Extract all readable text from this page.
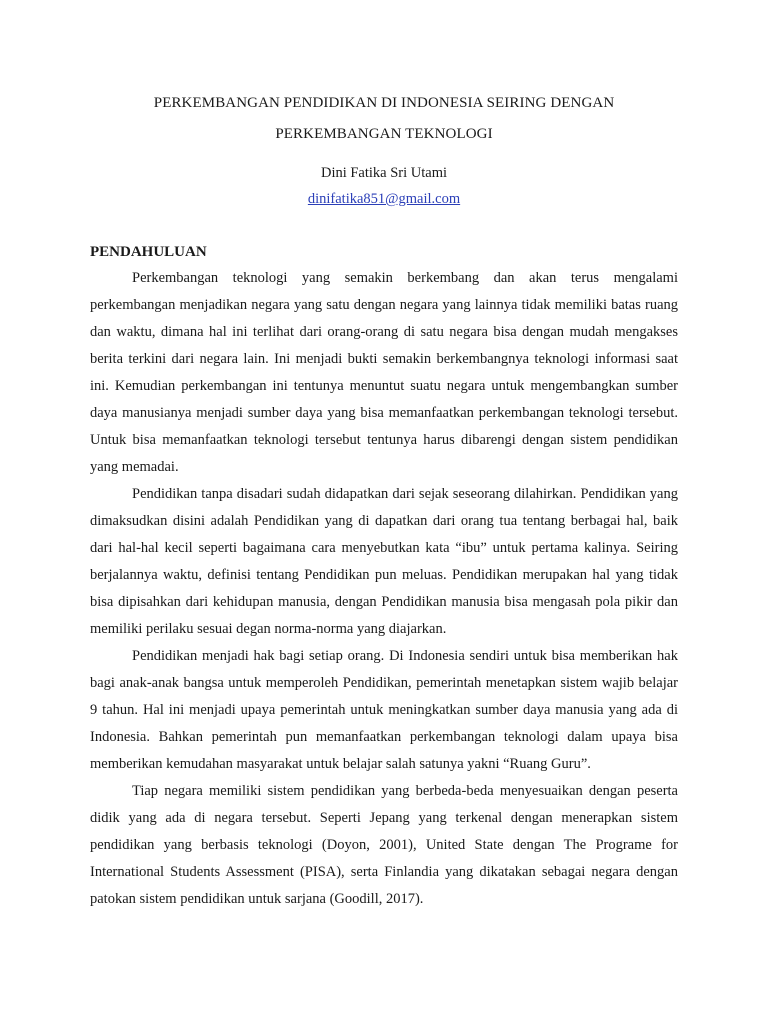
PERKEMBANGAN PENDIDIKAN DI INDONESIA SEIRING DENGAN
PERKEMBANGAN TEKNOLOGI
Dini Fatika Sri Utami
dinifatika851@gmail.com
PENDAHULUAN

Perkembangan teknologi yang semakin berkembang dan akan terus mengalami perkembangan menjadikan negara yang satu dengan negara yang lainnya tidak memiliki batas ruang dan waktu, dimana hal ini terlihat dari orang-orang di satu negara bisa dengan mudah mengakses berita terkini dari negara lain. Ini menjadi bukti semakin berkembangnya teknologi informasi saat ini. Kemudian perkembangan ini tentunya menuntut suatu negara untuk mengembangkan sumber daya manusianya menjadi sumber daya yang bisa memanfaatkan perkembangan teknologi tersebut. Untuk bisa memanfaatkan teknologi tersebut tentunya harus dibarengi dengan sistem pendidikan yang memadai.

Pendidikan tanpa disadari sudah didapatkan dari sejak seseorang dilahirkan. Pendidikan yang dimaksudkan disini adalah Pendidikan yang di dapatkan dari orang tua tentang berbagai hal, baik dari hal-hal kecil seperti bagaimana cara menyebutkan kata “ibu” untuk pertama kalinya. Seiring berjalannya waktu, definisi tentang Pendidikan pun meluas. Pendidikan merupakan hal yang tidak bisa dipisahkan dari kehidupan manusia, dengan Pendidikan manusia bisa mengasah pola pikir dan memiliki perilaku sesuai degan norma-norma yang diajarkan.

Pendidikan menjadi hak bagi setiap orang. Di Indonesia sendiri untuk bisa memberikan hak bagi anak-anak bangsa untuk memperoleh Pendidikan, pemerintah menetapkan sistem wajib belajar 9 tahun. Hal ini menjadi upaya pemerintah untuk meningkatkan sumber daya manusia yang ada di Indonesia. Bahkan pemerintah pun memanfaatkan perkembangan teknologi dalam upaya bisa memberikan kemudahan masyarakat untuk belajar salah satunya yakni “Ruang Guru”.

Tiap negara memiliki sistem pendidikan yang berbeda-beda menyesuaikan dengan peserta didik yang ada di negara tersebut. Seperti Jepang yang terkenal dengan menerapkan sistem pendidikan yang berbasis teknologi (Doyon, 2001), United State dengan The Programe for International Students Assessment (PISA), serta Finlandia yang dikatakan sebagai negara dengan patokan sistem pendidikan untuk sarjana (Goodill, 2017).
